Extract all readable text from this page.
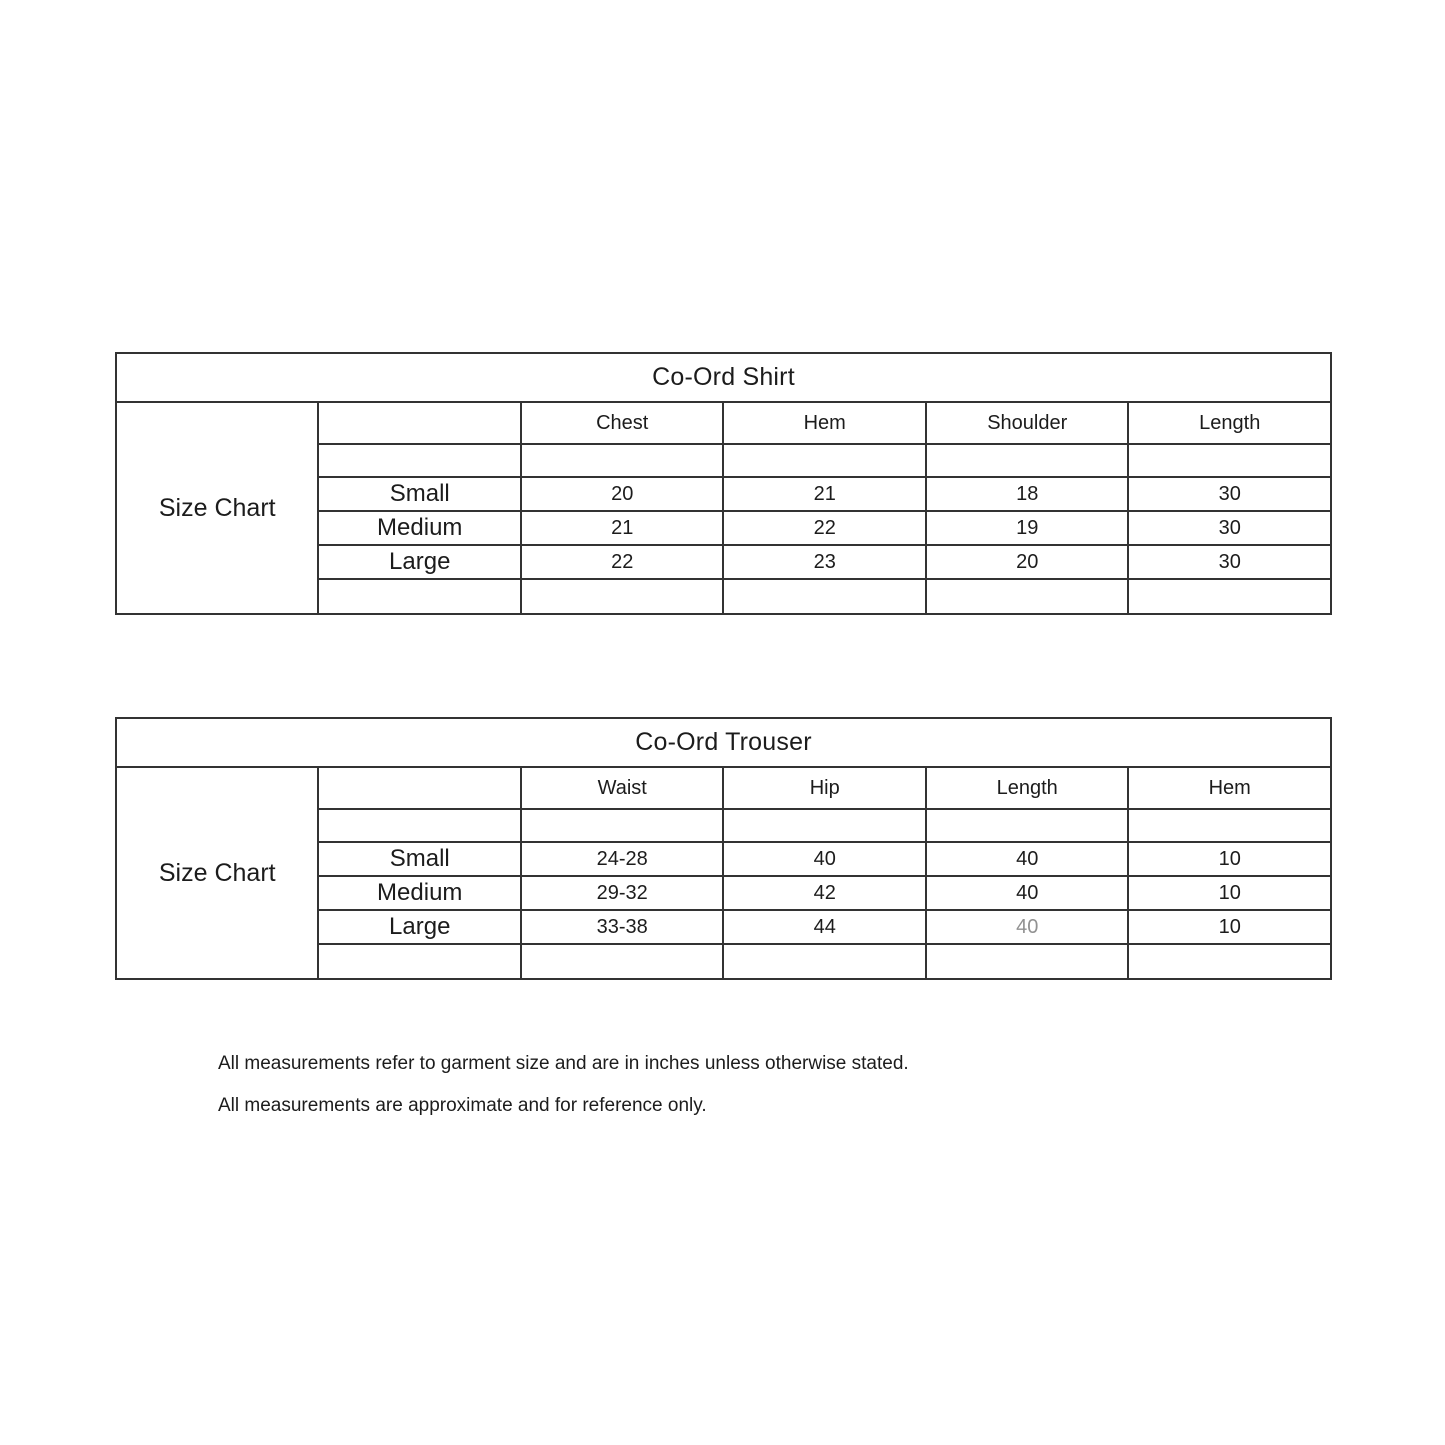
Co-Ord Shirt					
Size Chart		Chest	Hem	Shoulder	Length

	Small	20	21	18	30
	Medium	21	22	19	30
	Large	22	23	20	30

Co-Ord Trouser					
Size Chart		Waist	Hip	Length	Hem

	Small	24-28	40	40	10
	Medium	29-32	42	40	10
	Large	33-38	44	40	10

All measurements refer to garment size and are in inches unless otherwise stated.
All measurements are approximate and for reference only.
